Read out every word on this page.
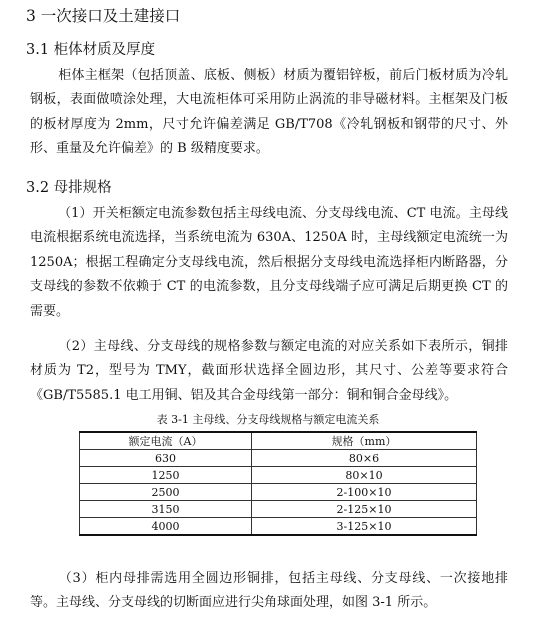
3 一次接口及土建接口
3.1 柜体材质及厚度
柜体主框架（包括顶盖、底板、侧板）材质为覆铝锌板，前后门板材质为冷轧钢板，表面做喷涂处理，大电流柜体可采用防止涡流的非导磁材料。主框架及门板的板材厚度为 2mm，尺寸允许偏差满足 GB/T708《冷轧钢板和钢带的尺寸、外形、重量及允许偏差》的 B 级精度要求。
3.2 母排规格
（1）开关柜额定电流参数包括主母线电流、分支母线电流、CT 电流。主母线电流根据系统电流选择，当系统电流为 630A、1250A 时，主母线额定电流统一为 1250A；根据工程确定分支母线电流，然后根据分支母线电流选择柜内断路器，分支母线的参数不依赖于 CT 的电流参数，且分支母线端子应可满足后期更换 CT 的需要。
（2）主母线、分支母线的规格参数与额定电流的对应关系如下表所示，铜排材质为 T2，型号为 TMY，截面形状选择全圆边形，其尺寸、公差等要求符合《GB/T5585.1 电工用铜、铝及其合金母线第一部分：铜和铜合金母线》。
表 3-1 主母线、分支母线规格与额定电流关系
额定电流（A）	规格（mm）
630	80×6
1250	80×10
2500	2-100×10
3150	2-125×10
4000	3-125×10
（3）柜内母排需选用全圆边形铜排，包括主母线、分支母线、一次接地排等。主母线、分支母线的切断面应进行尖角球面处理，如图 3-1 所示。
